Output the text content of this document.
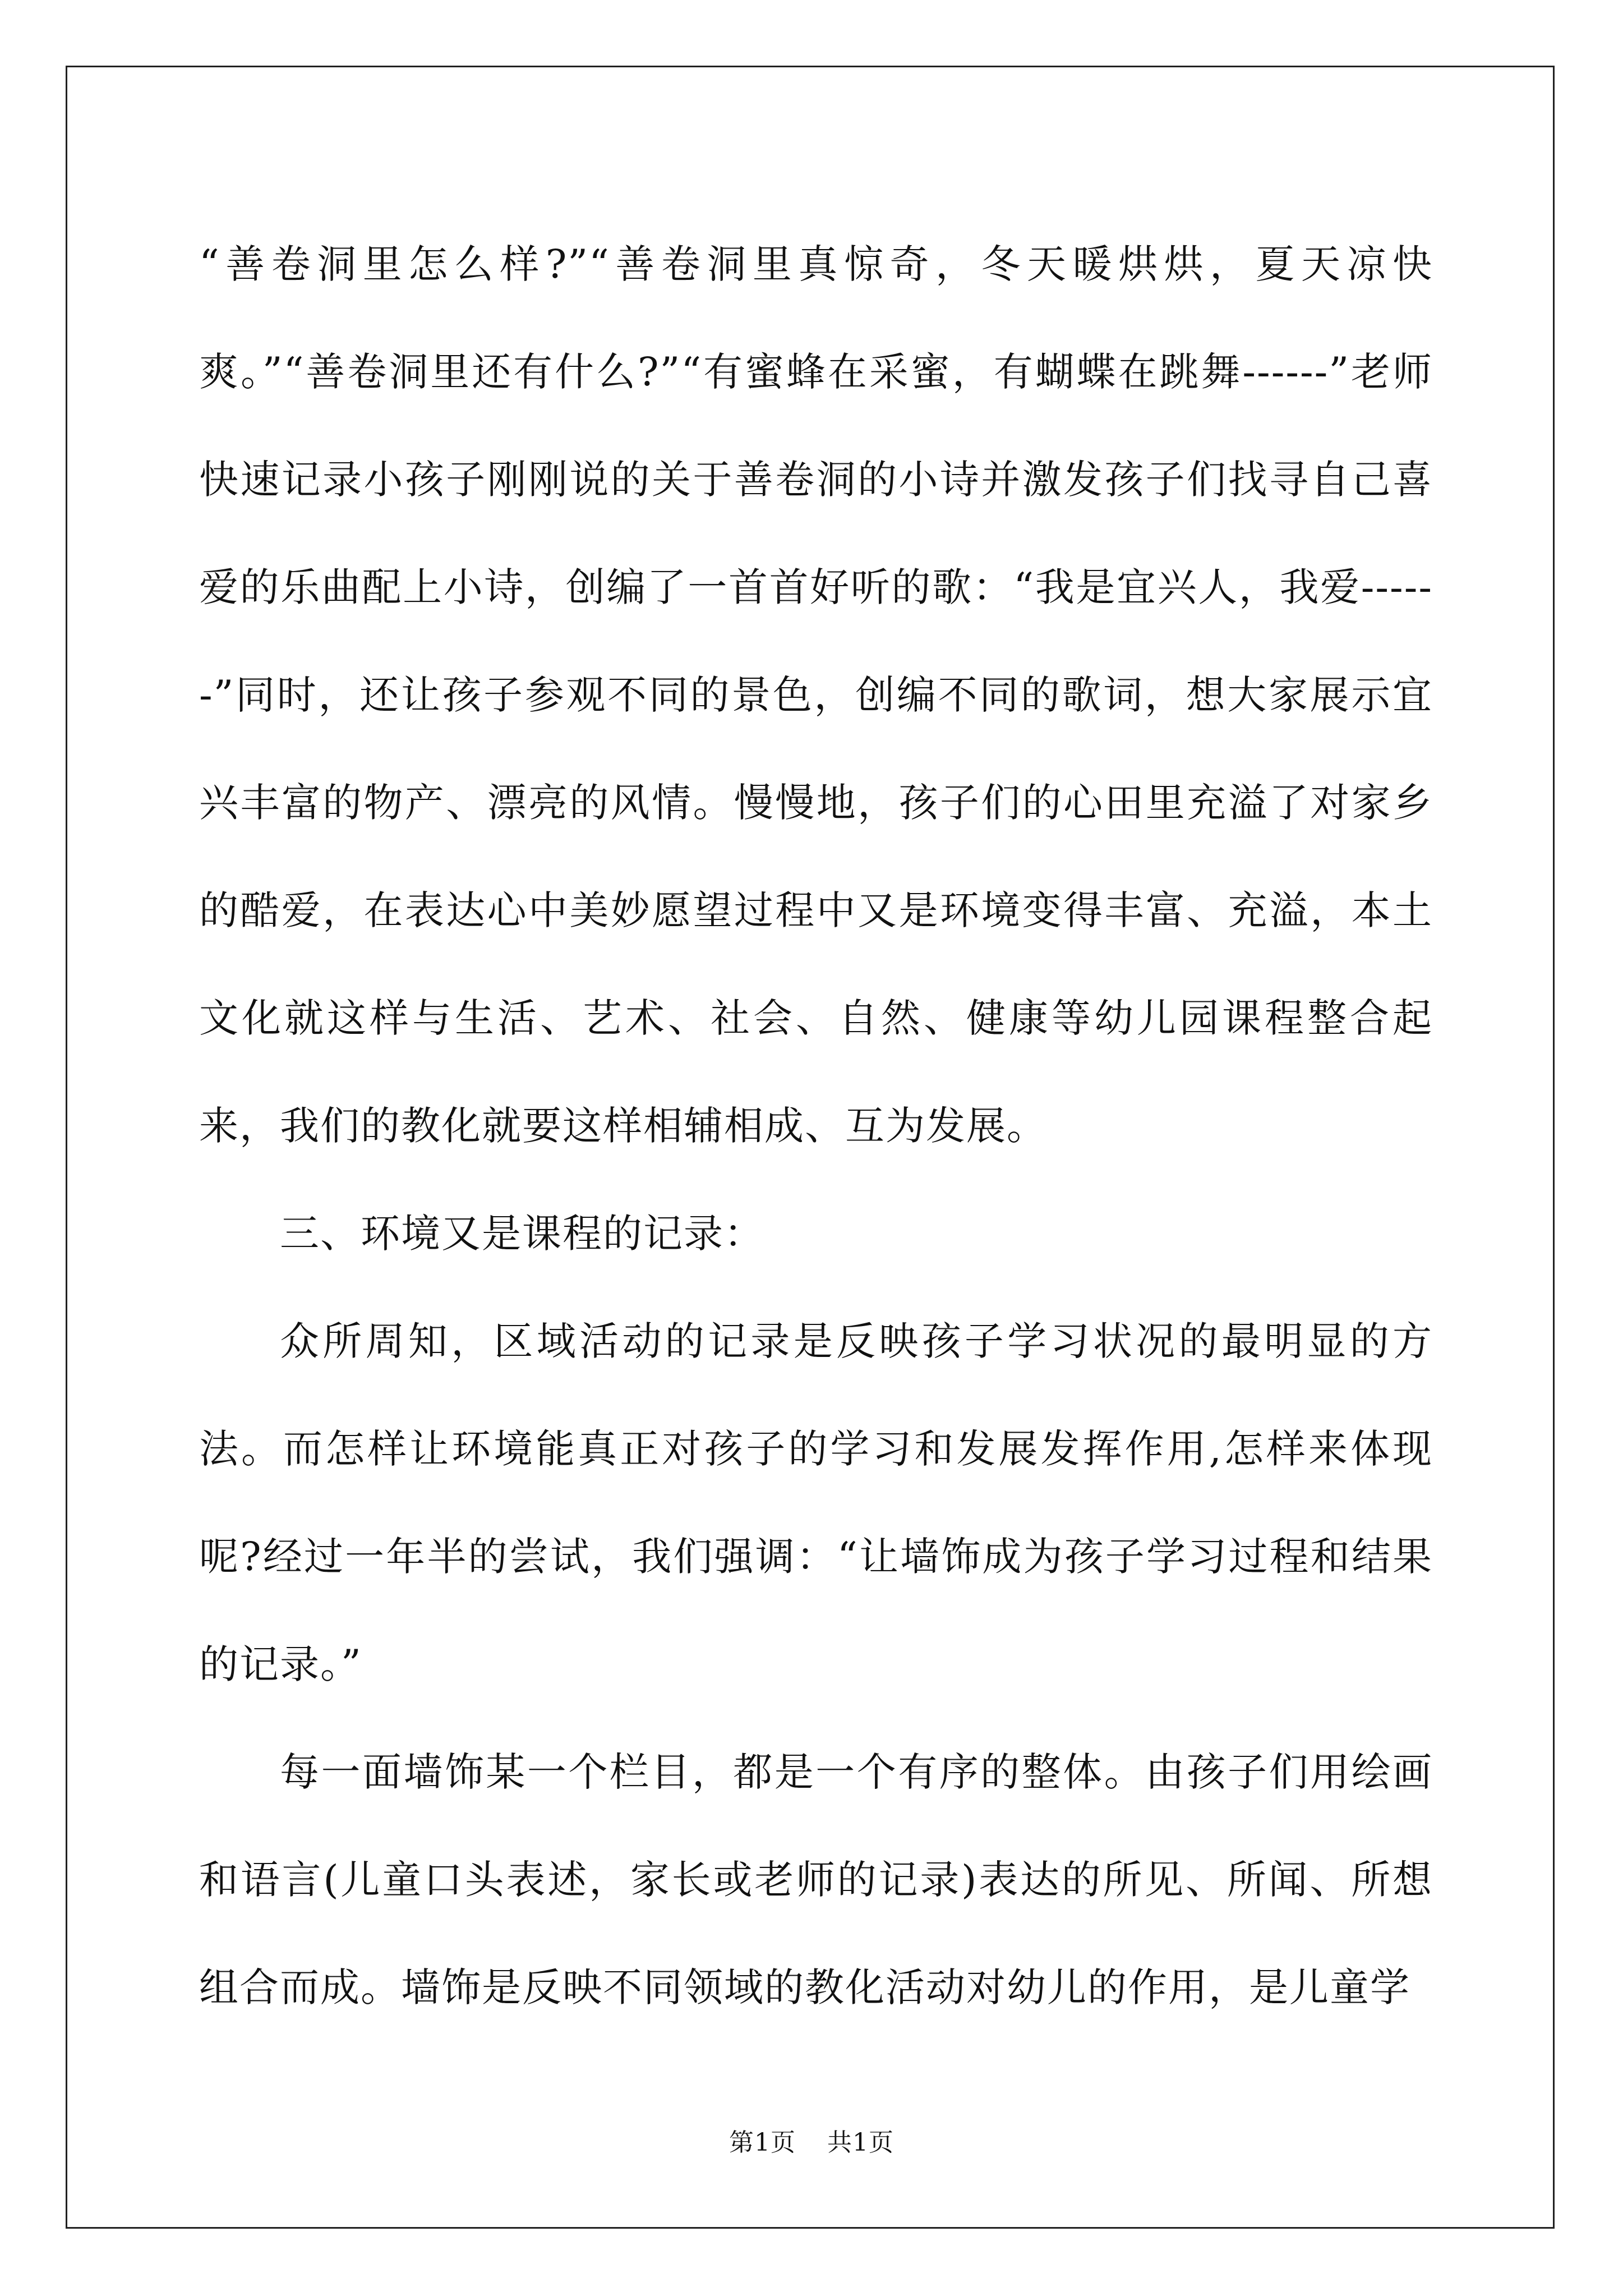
“善卷洞里怎么样?”“善卷洞里真惊奇，冬天暖烘烘，夏天凉快爽。”“善卷洞里还有什么?”“有蜜蜂在采蜜，有蝴蝶在跳舞------”老师快速记录小孩子刚刚说的关于善卷洞的小诗并激发孩子们找寻自己喜爱的乐曲配上小诗，创编了一首首好听的歌：“我是宜兴人，我爱------”同时，还让孩子参观不同的景色，创编不同的歌词，想大家展示宜兴丰富的物产、漂亮的风情。慢慢地，孩子们的心田里充溢了对家乡的酷爱，在表达心中美妙愿望过程中又是环境变得丰富、充溢，本土文化就这样与生活、艺术、社会、自然、健康等幼儿园课程整合起来，我们的教化就要这样相辅相成、互为发展。

三、环境又是课程的记录：

众所周知，区域活动的记录是反映孩子学习状况的最明显的方法。而怎样让环境能真正对孩子的学习和发展发挥作用,怎样来体现呢?经过一年半的尝试，我们强调：“让墙饰成为孩子学习过程和结果的记录。”

每一面墙饰某一个栏目，都是一个有序的整体。由孩子们用绘画和语言(儿童口头表述，家长或老师的记录)表达的所见、所闻、所想组合而成。墙饰是反映不同领域的教化活动对幼儿的作用，是儿童学

第1页 共1页
